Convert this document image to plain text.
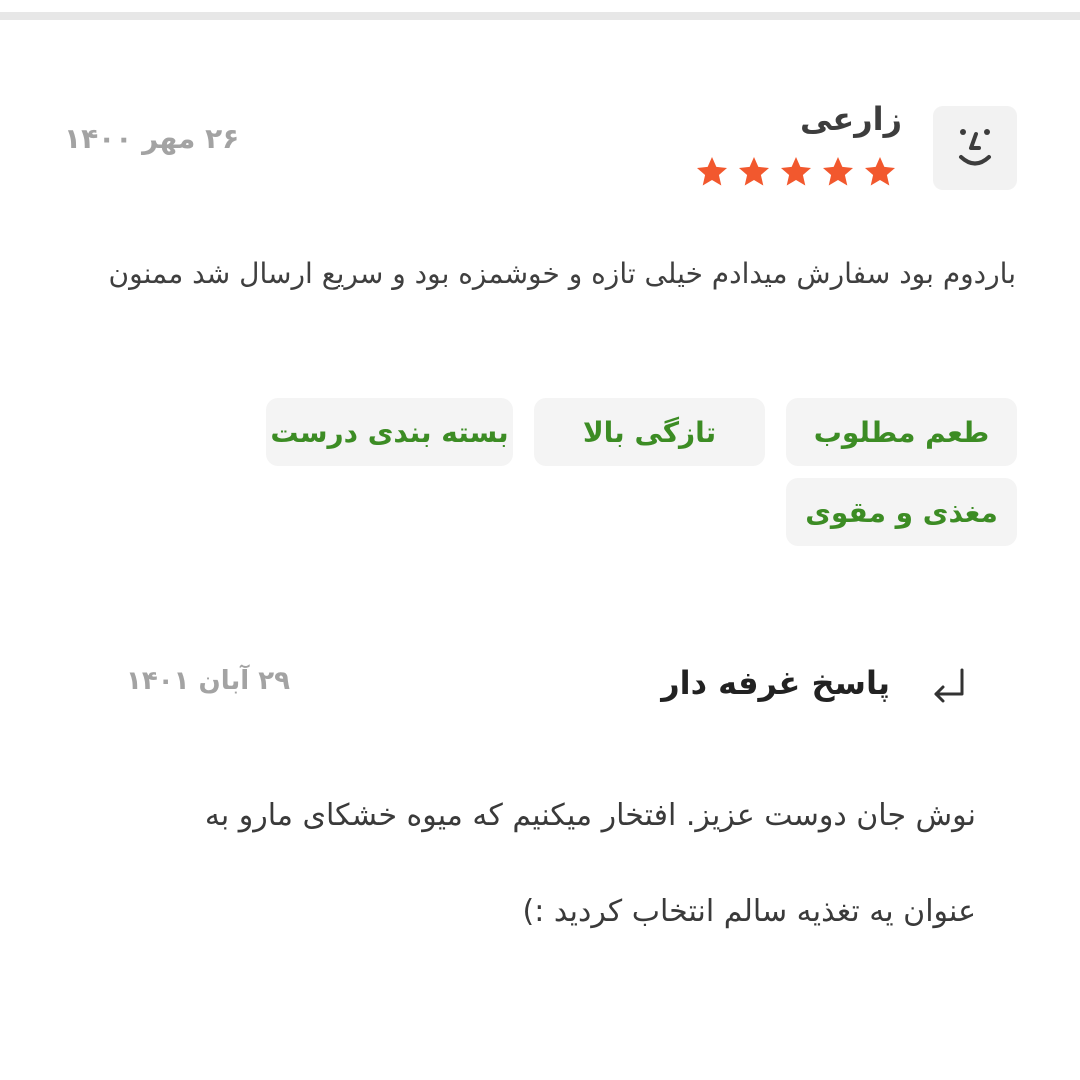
زارعی
۲۶ مهر ۱۴۰۰
باردوم بود سفارش میدادم خیلی تازه و خوشمزه بود و سریع ارسال شد ممنون
طعم مطلوب
تازگی بالا
بسته بندی درست
مغذی و مقوی
پاسخ غرفه دار
۲۹ آبان ۱۴۰۱
نوش جان دوست عزیز. افتخار میکنیم که میوه خشکای مارو به عنوان یه تغذیه سالم انتخاب کردید :)
